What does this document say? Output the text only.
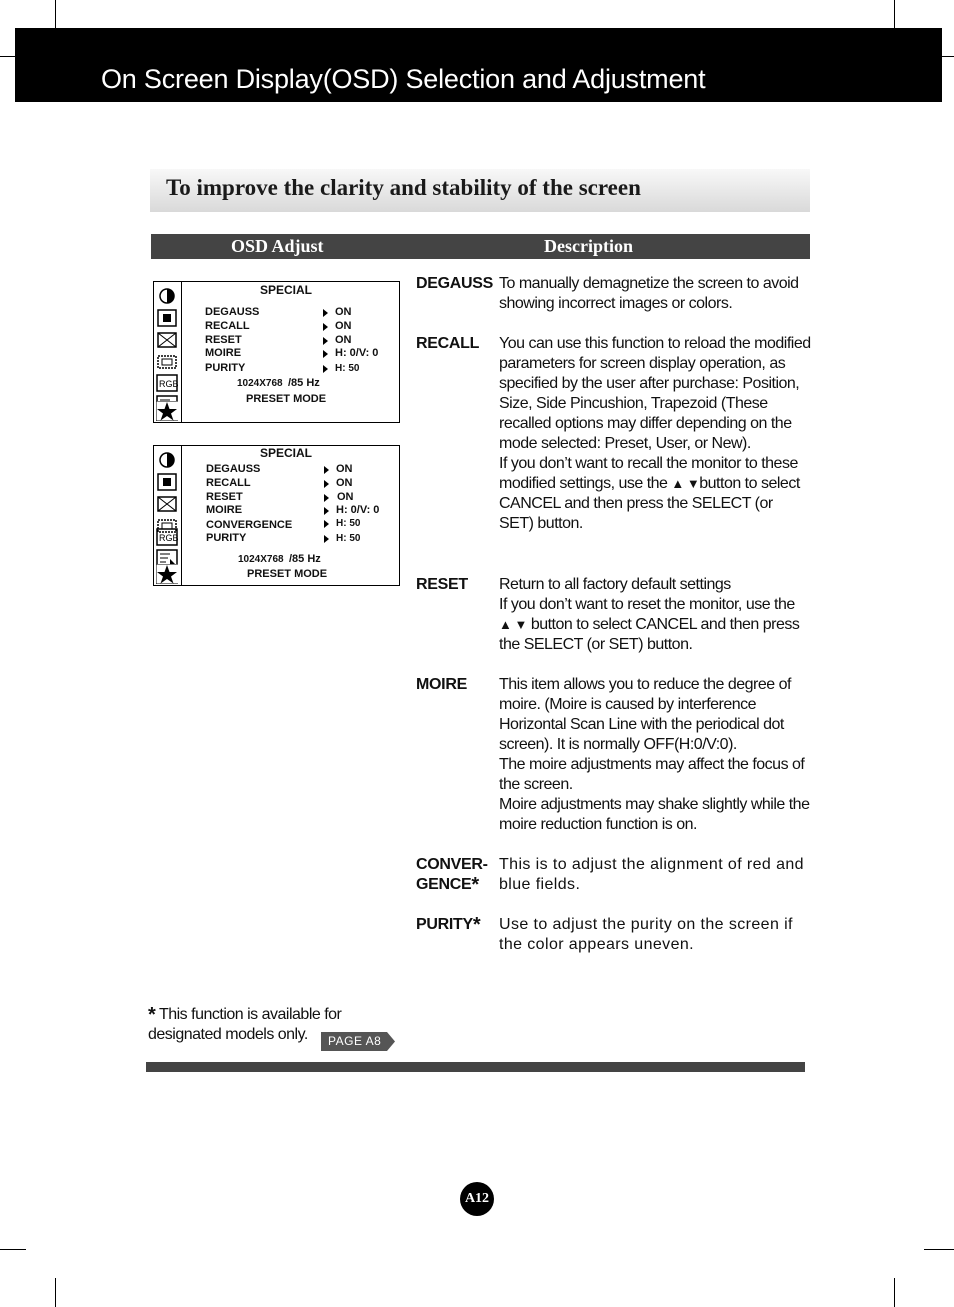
On Screen Display(OSD) Selection and Adjustment
To improve the clarity and stability of the screen
OSD Adjust	Description
RGB
SPECIAL
DEGAUSS	ON
RECALL	ON
RESET	ON
MOIRE	H: 0/V: 0
PURITY	H: 50
1024X768 /85 Hz
PRESET MODE
RGB
SPECIAL
DEGAUSS	ON
RECALL	ON
RESET	ON
MOIRE	H: 0/V: 0
CONVERGENCE	H: 50
PURITY	H: 50
1024X768 /85 Hz
PRESET MODE
DEGAUSS To manually demagnetize the screen to avoid showing incorrect images or colors.

RECALL You can use this function to reload the modified parameters for screen display operation, as specified by the user after purchase: Position, Size, Side Pincushion, Trapezoid (These recalled options may differ depending on the mode selected: Preset, User, or New).

If you don’t want to recall the monitor to these modified settings, use the ▲ ▼button to select CANCEL and then press the SELECT (or SET) button.

RESET Return to all factory default settings

If you don’t want to reset the monitor, use the ▲ ▼ button to select CANCEL and then press the SELECT (or SET) button.

MOIRE This item allows you to reduce the degree of moire. (Moire is caused by interference Horizontal Scan Line with the periodical dot screen). It is normally OFF(H:0/V:0).

The moire adjustments may affect the focus of the screen.

Moire adjustments may shake slightly while the moire reduction function is on.

CONVER-
GENCE*

This is to adjust the alignment of red and blue fields.

PURITY* Use to adjust the purity on the screen if the color appears uneven.

* This function is available for designated models only.	PAGE A8
A12
